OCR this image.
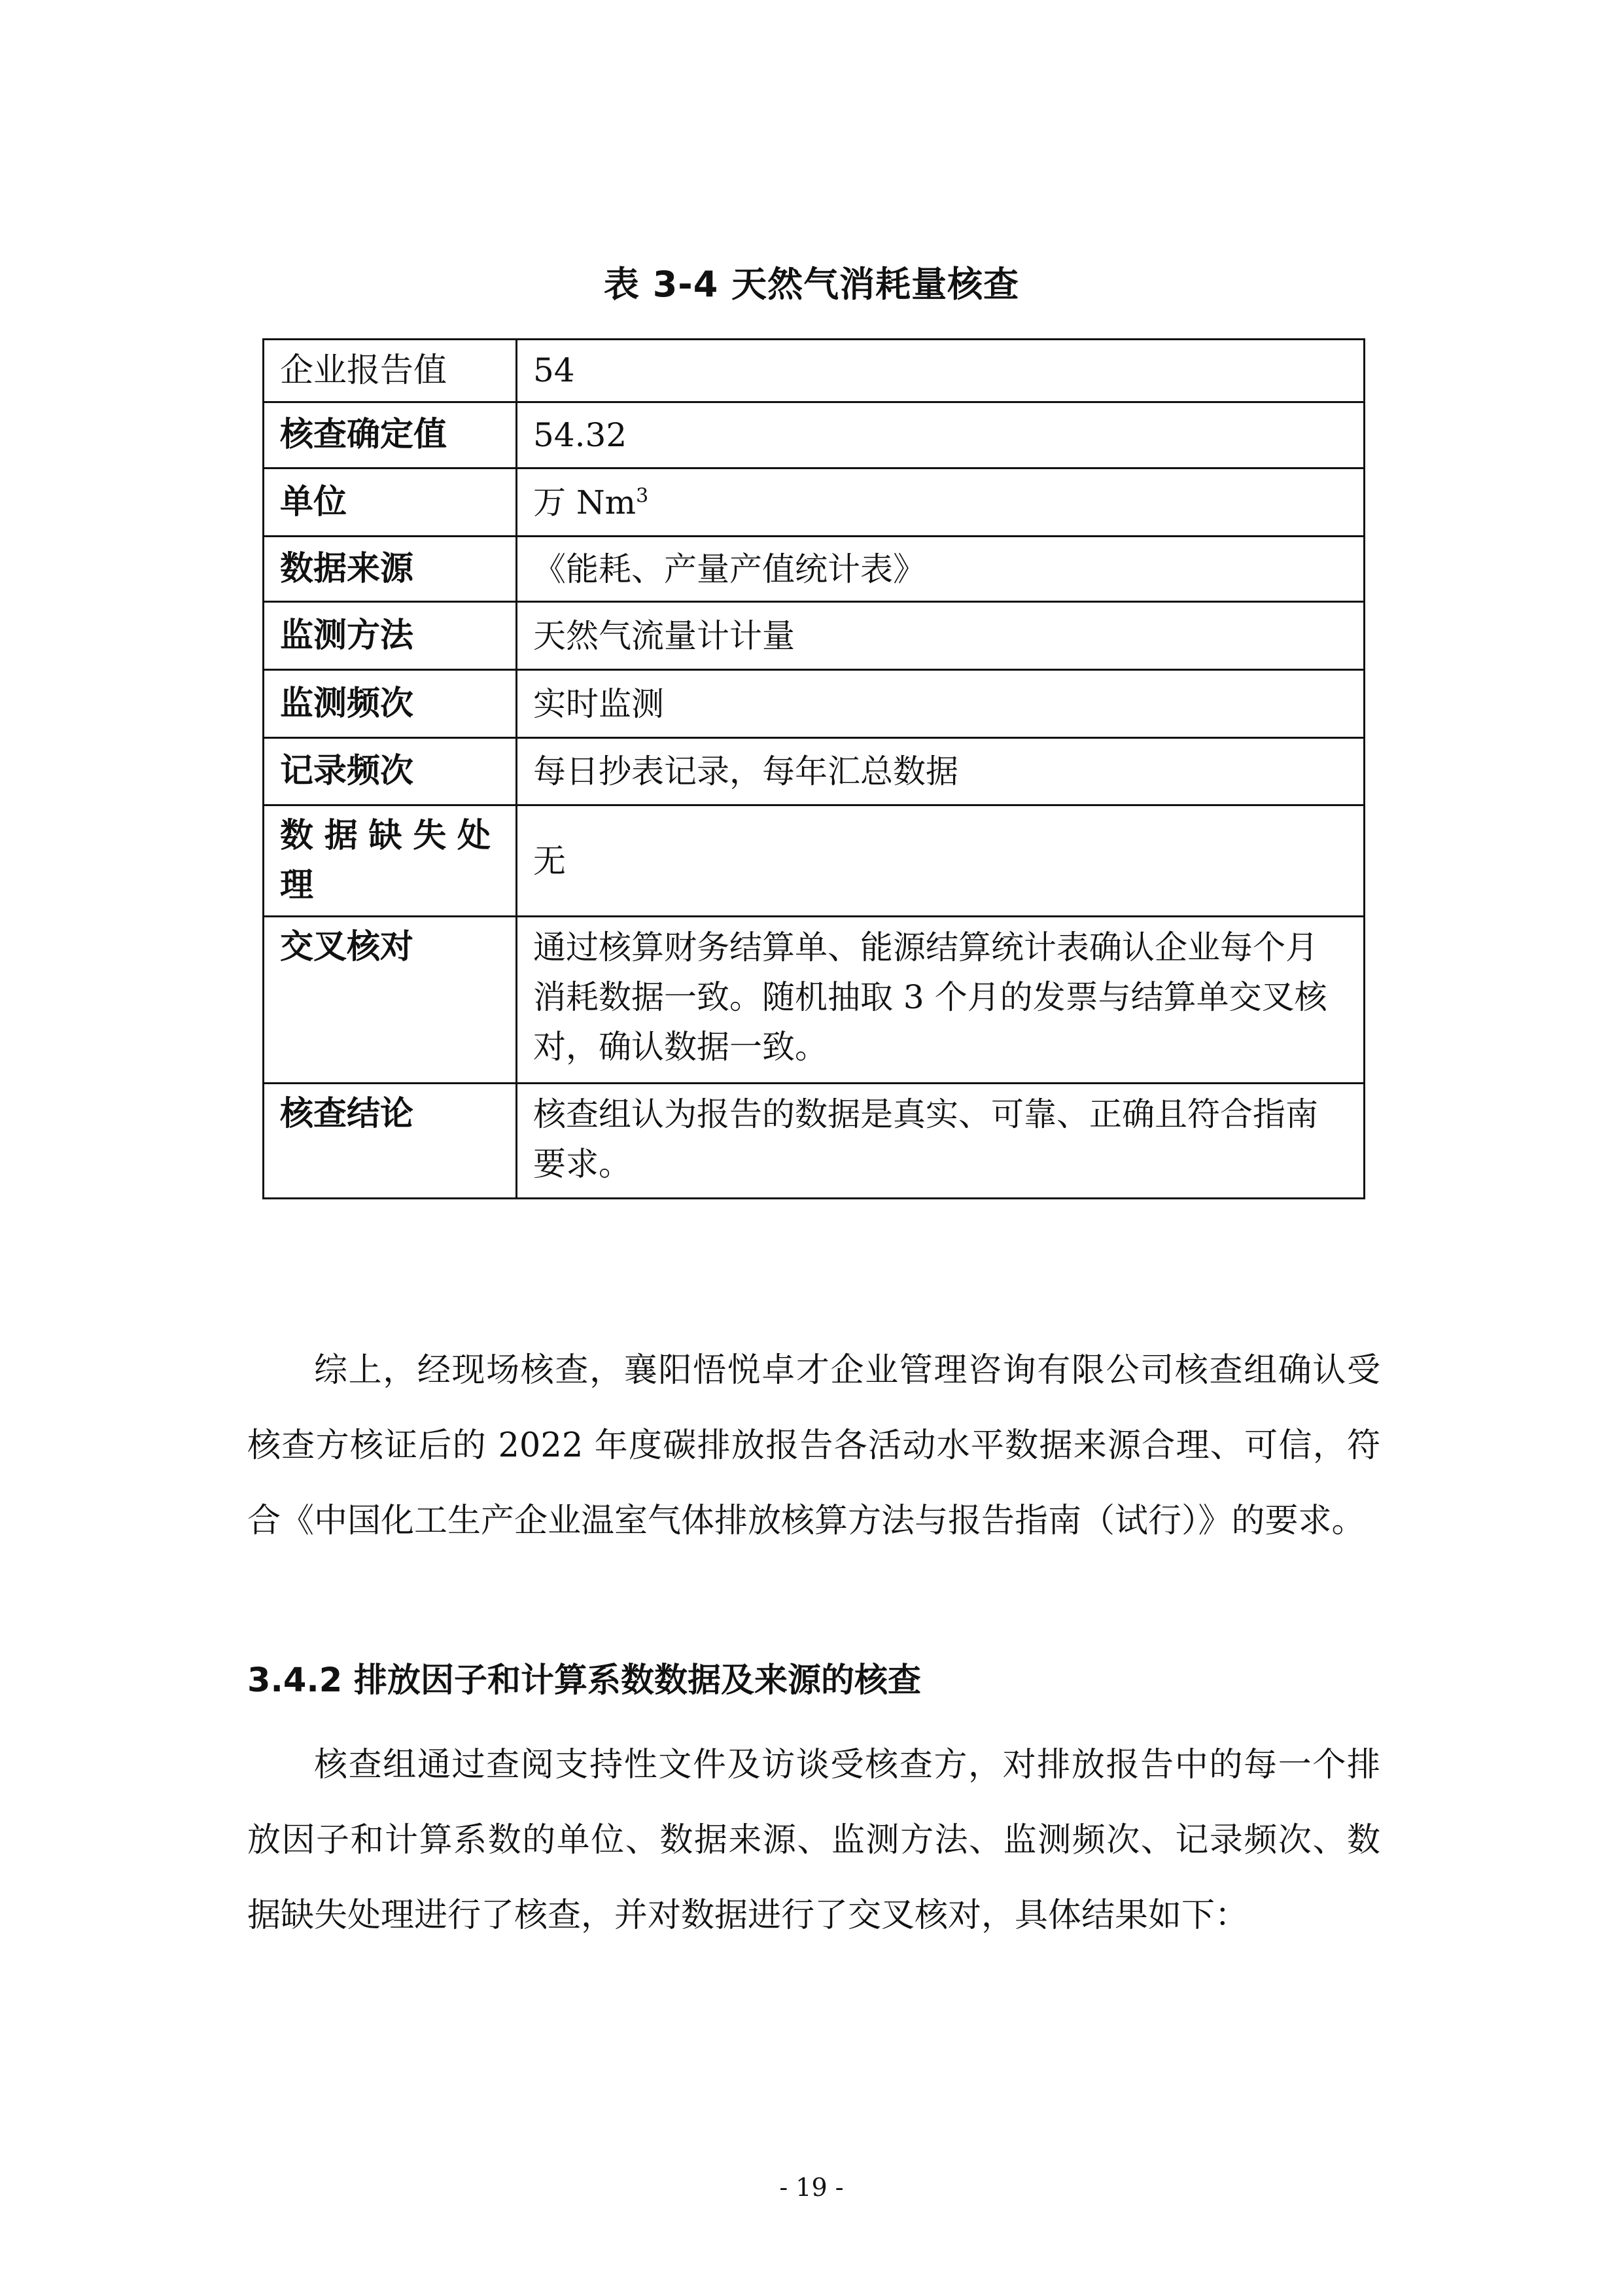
表 3-4 天然气消耗量核查
企业报告值	54
核查确定值	54.32
单位	万 Nm$^3$
数据来源	《能耗、产量产值统计表》
监测方法	天然气流量计计量
监测频次	实时监测
记录频次	每日抄表记录，每年汇总数据
数据缺失处理	无
交叉核对	通过核算财务结算单、能源结算统计表确认企业每个月消耗数据一致。随机抽取 3 个月的发票与结算单交叉核对，确认数据一致。
核查结论	核查组认为报告的数据是真实、可靠、正确且符合指南要求。

综上，经现场核查，襄阳悟悦卓才企业管理咨询有限公司核查组确认受核查方核证后的 2022 年度碳排放报告各活动水平数据来源合理、可信，符合《中国化工生产企业温室气体排放核算方法与报告指南（试行）》的要求。

3.4.2 排放因子和计算系数数据及来源的核查

核查组通过查阅支持性文件及访谈受核查方，对排放报告中的每一个排放因子和计算系数的单位、数据来源、监测方法、监测频次、记录频次、数据缺失处理进行了核查，并对数据进行了交叉核对，具体结果如下：

- 19 -
